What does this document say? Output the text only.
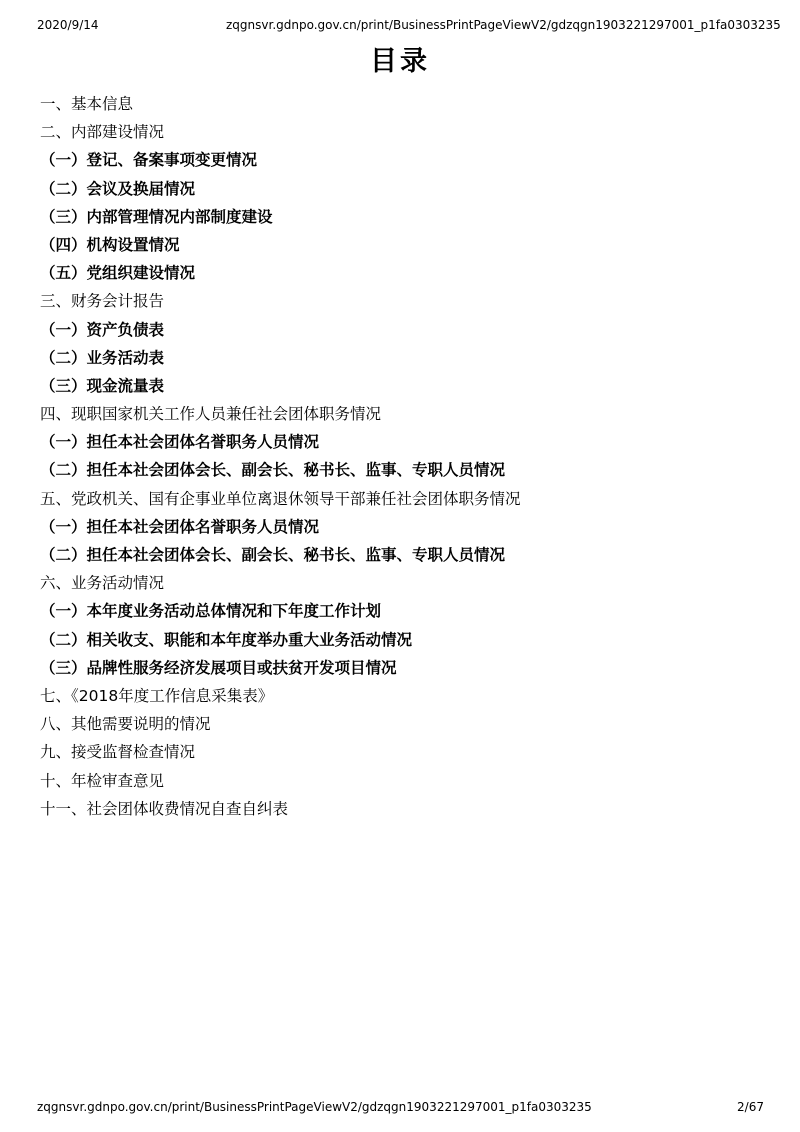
2020/9/14	zqgnsvr.gdnpo.gov.cn/print/BusinessPrintPageViewV2/gdzqgn1903221297001_p1fa0303235
目录
一、基本信息
二、内部建设情况
（一）登记、备案事项变更情况
（二）会议及换届情况
（三）内部管理情况内部制度建设
（四）机构设置情况
（五）党组织建设情况
三、财务会计报告
（一）资产负债表
（二）业务活动表
（三）现金流量表
四、现职国家机关工作人员兼任社会团体职务情况
（一）担任本社会团体名誉职务人员情况
（二）担任本社会团体会长、副会长、秘书长、监事、专职人员情况
五、党政机关、国有企事业单位离退休领导干部兼任社会团体职务情况
（一）担任本社会团体名誉职务人员情况
（二）担任本社会团体会长、副会长、秘书长、监事、专职人员情况
六、业务活动情况
（一）本年度业务活动总体情况和下年度工作计划
（二）相关收支、职能和本年度举办重大业务活动情况
（三）品牌性服务经济发展项目或扶贫开发项目情况
七、《2018年度工作信息采集表》
八、其他需要说明的情况
九、接受监督检查情况
十、年检审查意见
十一、社会团体收费情况自查自纠表
zqgnsvr.gdnpo.gov.cn/print/BusinessPrintPageViewV2/gdzqgn1903221297001_p1fa0303235	2/67
